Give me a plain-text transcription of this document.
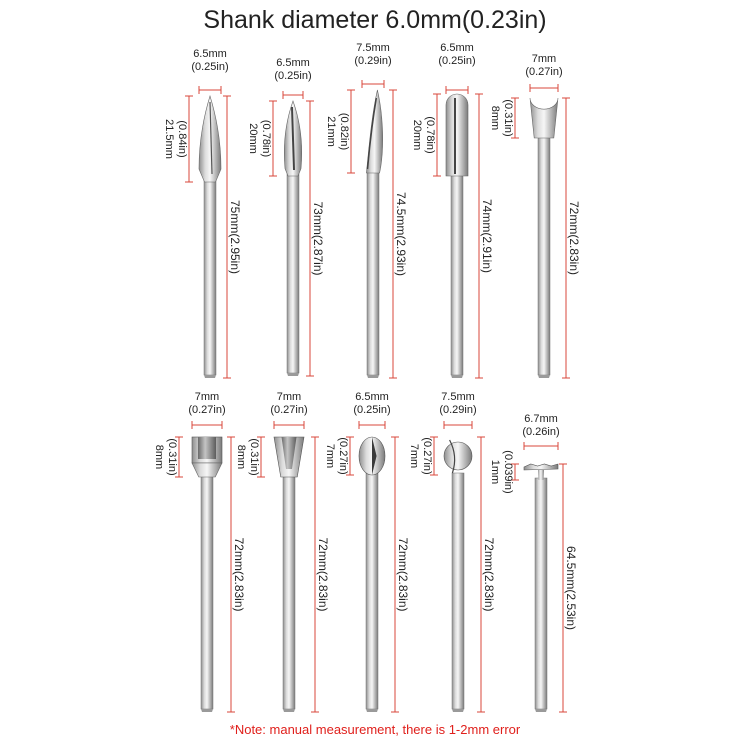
Shank diameter 6.0mm(0.23in)
6.5mm
(0.25in)
(0.84in)
21.5mm
75mm(2.95in)
6.5mm
(0.25in)
(0.78in)
20mm
73mm(2.87in)
7.5mm
(0.29in)
(0.82in)
21mm
74.5mm(2.93in)
6.5mm
(0.25in)
(0.78in)
20mm
74mm(2.91in)
7mm
(0.27in)
(0.31in)
8mm
72mm(2.83in)
7mm
(0.27in)
(0.31in)
8mm
72mm(2.83in)
7mm
(0.27in)
(0.31in)
8mm
72mm(2.83in)
6.5mm
(0.25in)
(0.27in)
7mm
72mm(2.83in)
7.5mm
(0.29in)
(0.27in)
7mm
72mm(2.83in)
6.7mm
(0.26in)
(0.039in)
1mm
64.5mm(2.53in)
*Note: manual measurement, there is 1-2mm error
